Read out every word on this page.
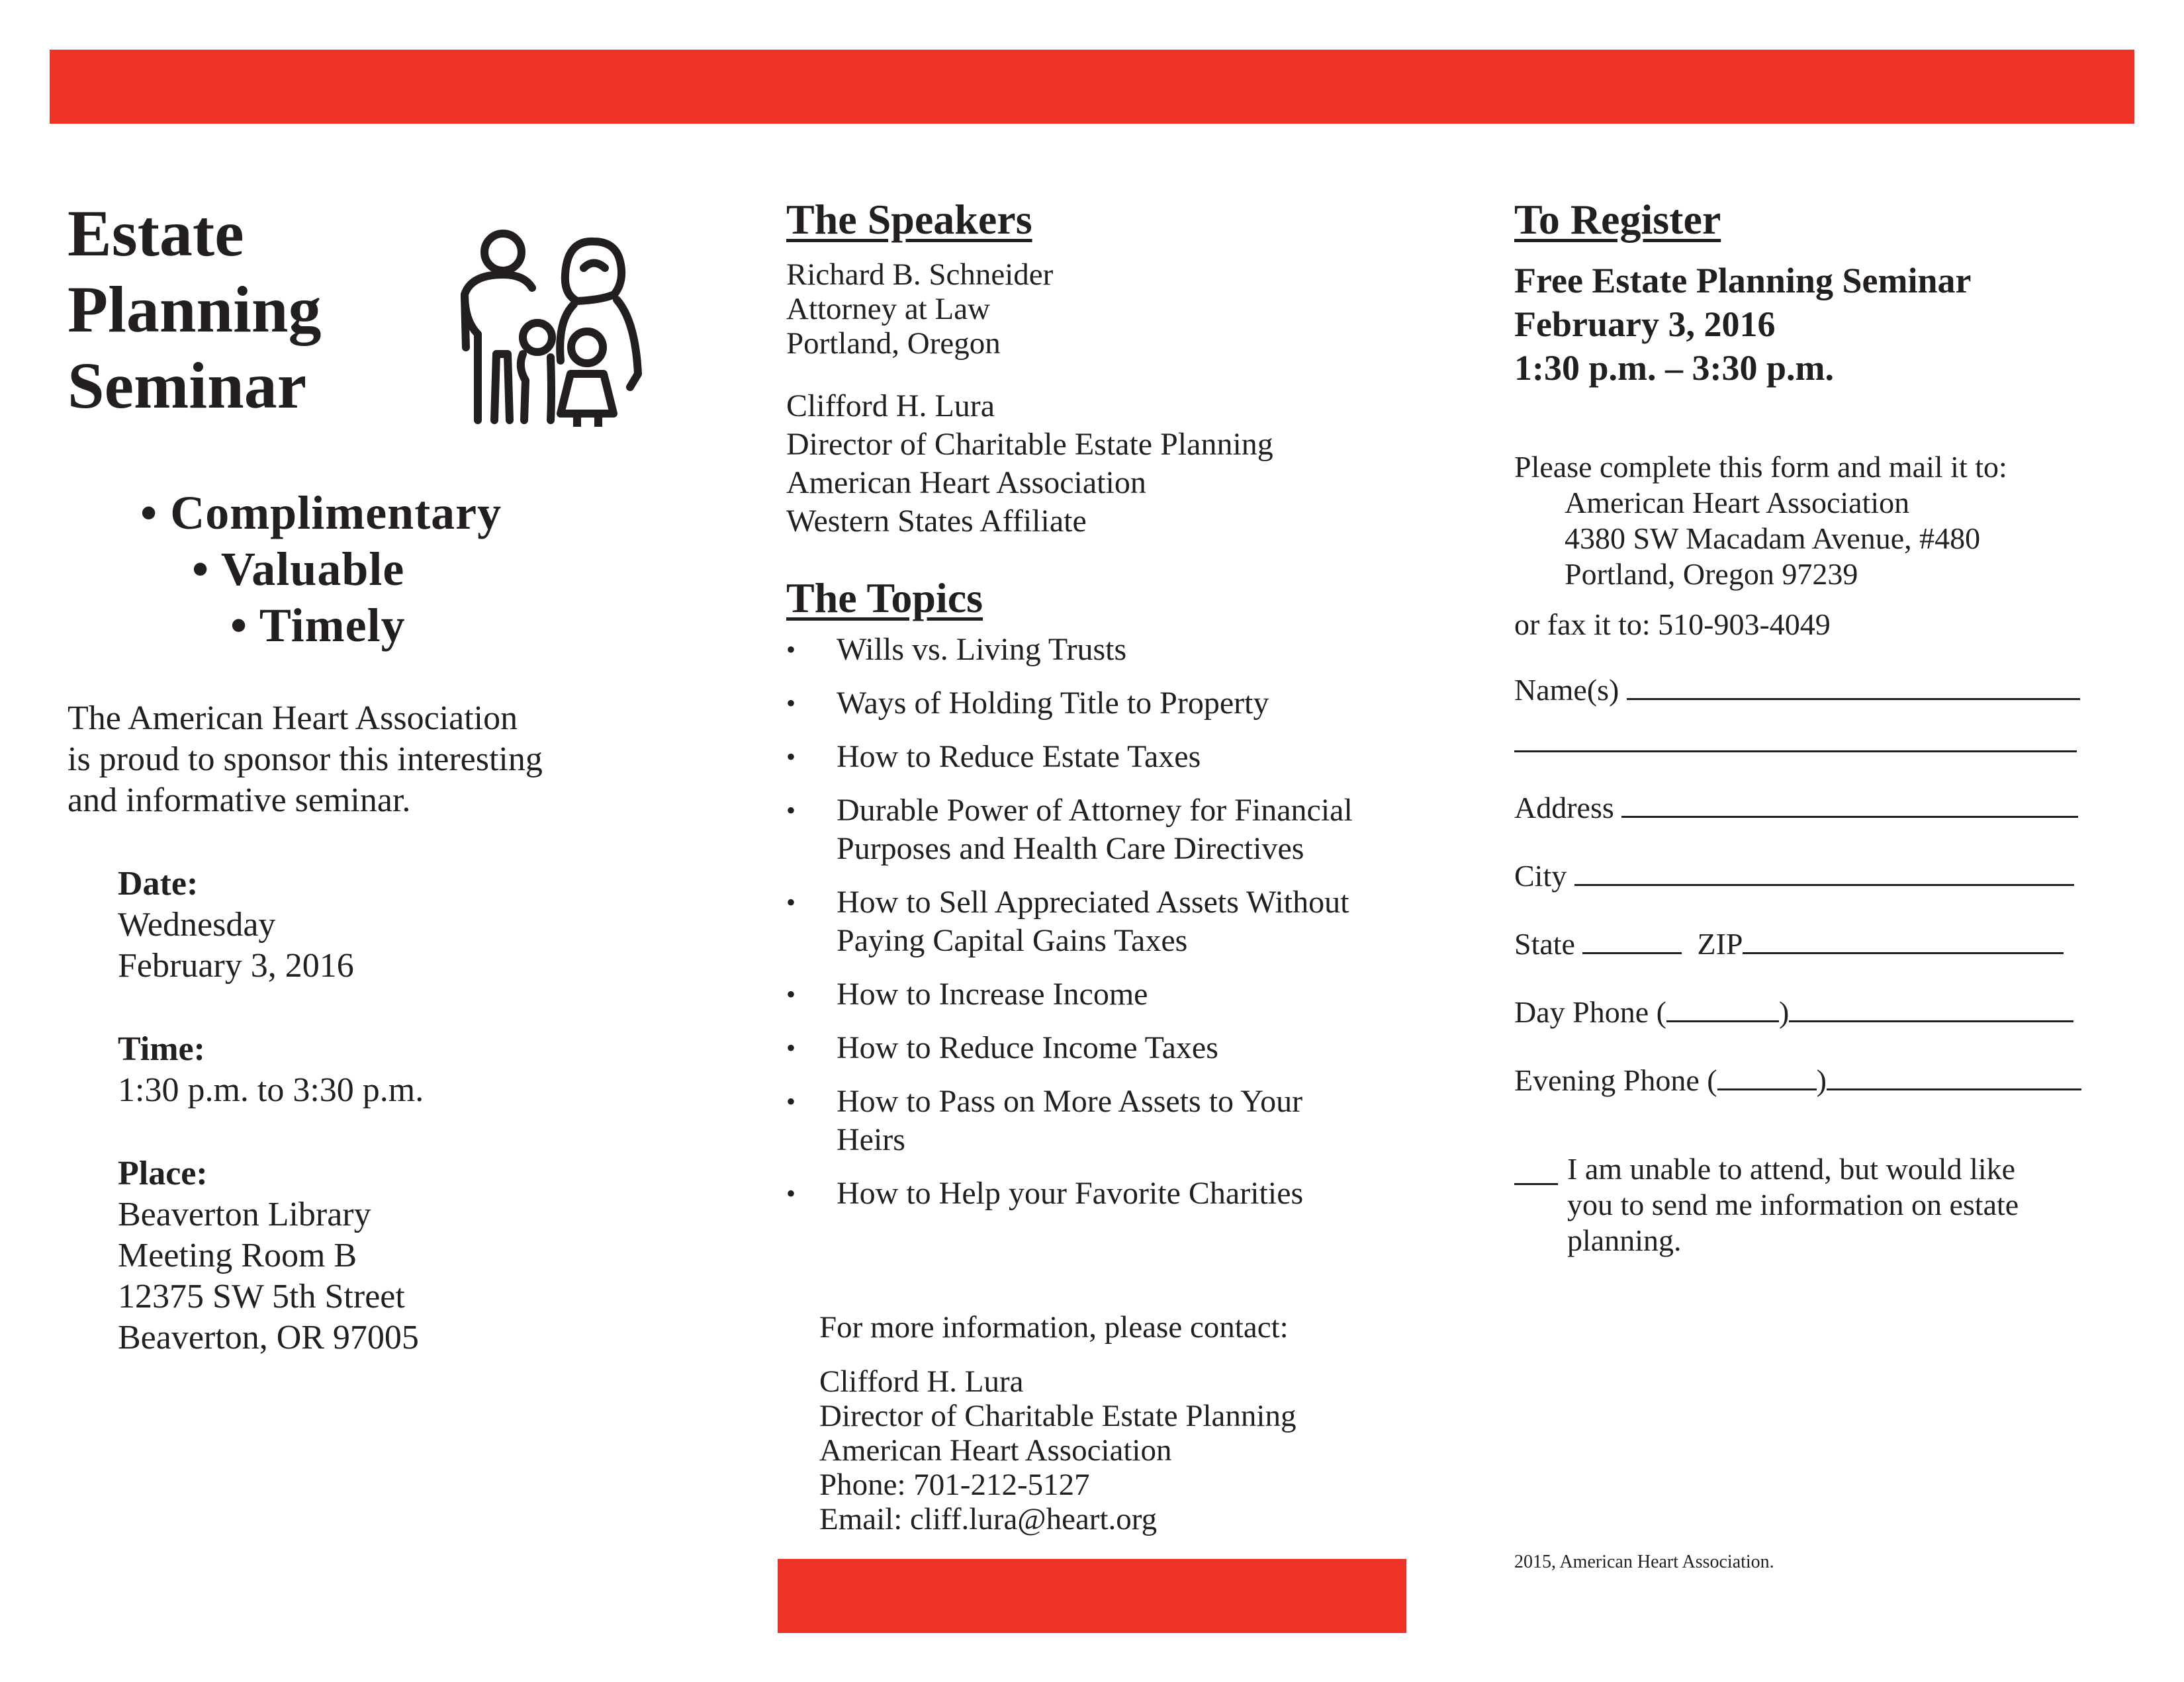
Estate
Planning
Seminar
• Complimentary
• Valuable
• Timely
The American Heart Association
is proud to sponsor this interesting
and informative seminar.
Date:
Wednesday
February 3, 2016
Time:
1:30 p.m. to 3:30 p.m.
Place:
Beaverton Library
Meeting Room B
12375 SW 5th Street
Beaverton, OR 97005
The Speakers

Richard B. Schneider

Attorney at Law

Portland, Oregon

Clifford H. Lura

Director of Charitable Estate Planning

American Heart Association

Western States Affiliate

The Topics
• Wills vs. Living Trusts
• Ways of Holding Title to Property
• How to Reduce Estate Taxes
• Durable Power of Attorney for Financial
Purposes and Health Care Directives
• How to Sell Appreciated Assets Without
Paying Capital Gains Taxes
• How to Increase Income
• How to Reduce Income Taxes
• How to Pass on More Assets to Your
Heirs
• How to Help your Favorite Charities

For more information, please contact:

Clifford H. Lura

Director of Charitable Estate Planning

American Heart Association

Phone: 701-212-5127

Email: cliff.lura@heart.org

To Register

Free Estate Planning Seminar

February 3, 2016

1:30 p.m. – 3:30 p.m.

Please complete this form and mail it to:

American Heart Association

4380 SW Macadam Avenue, #480

Portland, Oregon 97239

or fax it to: 510-903-4049

Name(s)

Address

City

State	ZIP

Day Phone (	)

Evening Phone (	)

I am unable to attend, but would like

you to send me information on estate

planning.

2015, American Heart Association.
